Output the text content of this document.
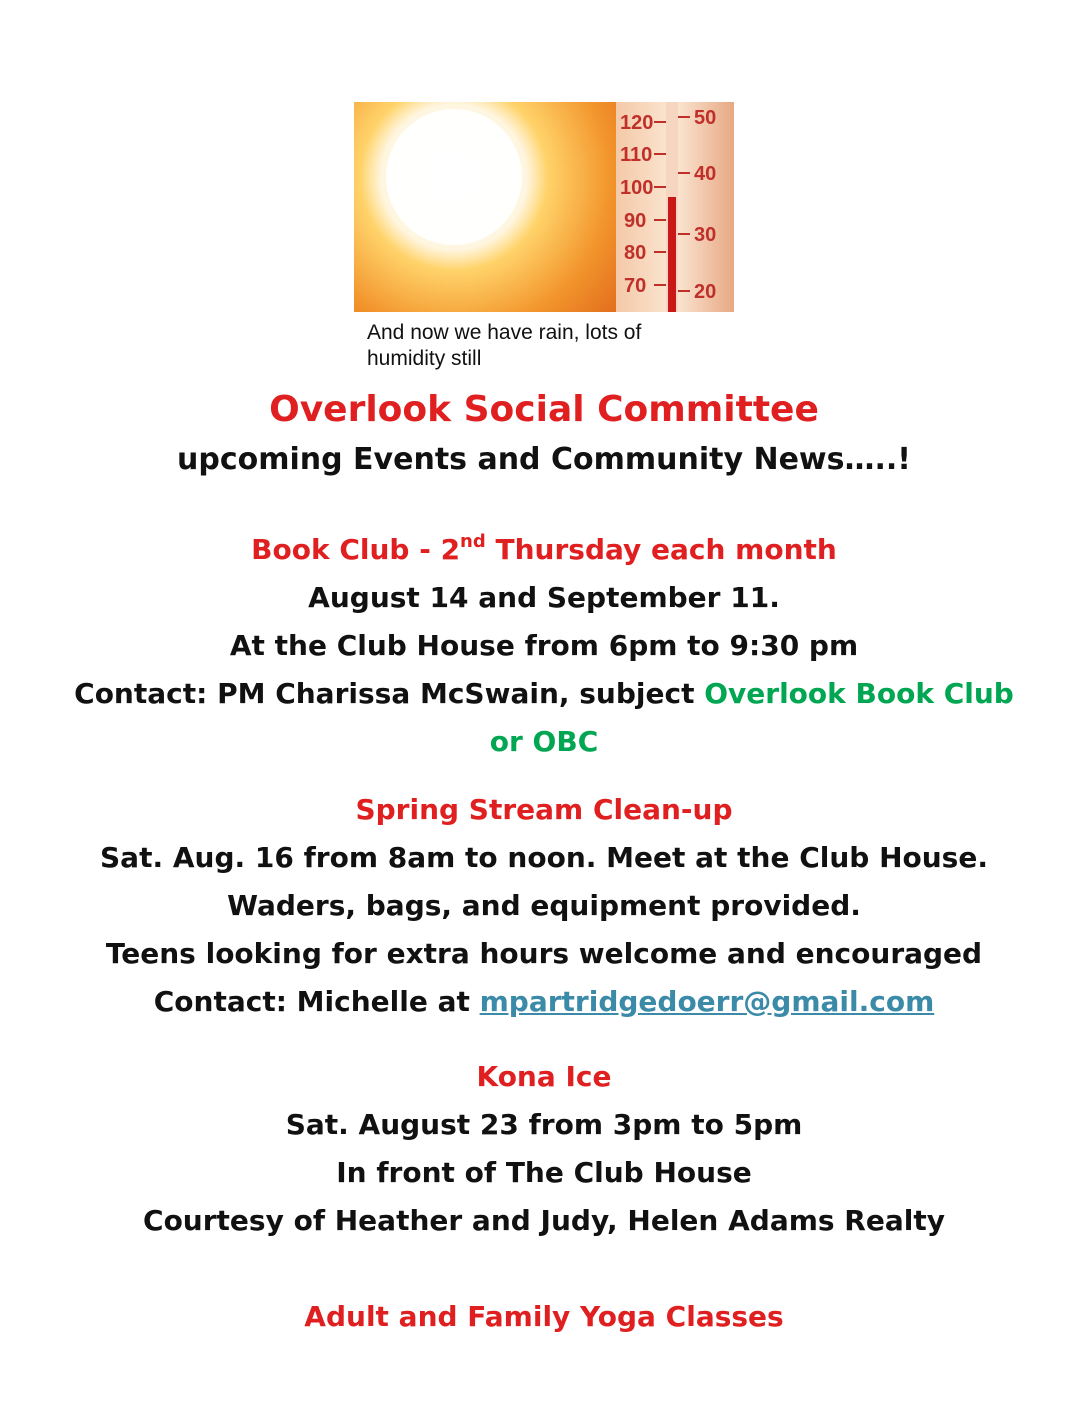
120
110
100
90
80
70
50
40
30
20
And now we have rain, lots of
humidity still

Overlook Social Committee

upcoming Events and Community News…..!

Book Club - 2nd Thursday each month

August 14 and September 11.

At the Club House from 6pm to 9:30 pm

Contact: PM Charissa McSwain, subject Overlook Book Club

or OBC

Spring Stream Clean-up

Sat. Aug. 16 from 8am to noon. Meet at the Club House.

Waders, bags, and equipment provided.

Teens looking for extra hours welcome and encouraged

Contact: Michelle at mpartridgedoerr@gmail.com

Kona Ice

Sat. August 23 from 3pm to 5pm

In front of The Club House

Courtesy of Heather and Judy, Helen Adams Realty

Adult and Family Yoga Classes
